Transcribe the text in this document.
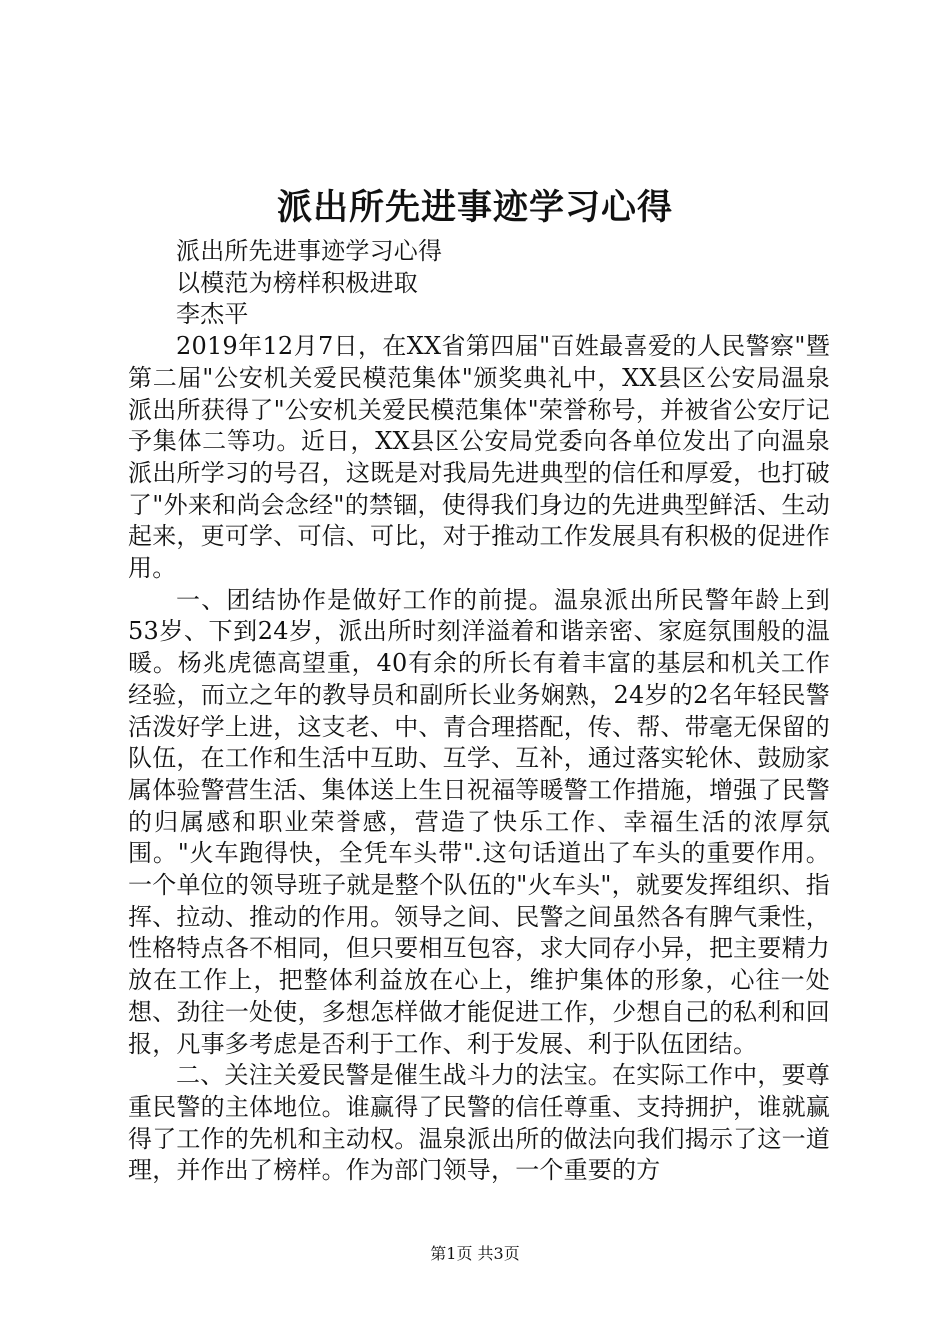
派出所先进事迹学习心得

派出所先进事迹学习心得

以模范为榜样积极进取

李杰平

2019年12月7日，在XX省第四届"百姓最喜爱的人民警察"暨第二届"公安机关爱民模范集体"颁奖典礼中，XX县区公安局温泉派出所获得了"公安机关爱民模范集体"荣誉称号，并被省公安厅记予集体二等功。近日，XX县区公安局党委向各单位发出了向温泉派出所学习的号召，这既是对我局先进典型的信任和厚爱，也打破了"外来和尚会念经"的禁锢，使得我们身边的先进典型鲜活、生动起来，更可学、可信、可比，对于推动工作发展具有积极的促进作用。

一、团结协作是做好工作的前提。温泉派出所民警年龄上到53岁、下到24岁，派出所时刻洋溢着和谐亲密、家庭氛围般的温暖。杨兆虎德高望重，40有余的所长有着丰富的基层和机关工作经验，而立之年的教导员和副所长业务娴熟，24岁的2名年轻民警活泼好学上进，这支老、中、青合理搭配，传、帮、带毫无保留的队伍，在工作和生活中互助、互学、互补，通过落实轮休、鼓励家属体验警营生活、集体送上生日祝福等暖警工作措施，增强了民警的归属感和职业荣誉感，营造了快乐工作、幸福生活的浓厚氛围。"火车跑得快，全凭车头带".这句话道出了车头的重要作用。一个单位的领导班子就是整个队伍的"火车头"，就要发挥组织、指挥、拉动、推动的作用。领导之间、民警之间虽然各有脾气秉性，性格特点各不相同，但只要相互包容，求大同存小异，把主要精力放在工作上，把整体利益放在心上，维护集体的形象，心往一处想、劲往一处使，多想怎样做才能促进工作，少想自己的私利和回报，凡事多考虑是否利于工作、利于发展、利于队伍团结。

二、关注关爱民警是催生战斗力的法宝。在实际工作中，要尊重民警的主体地位。谁赢得了民警的信任尊重、支持拥护，谁就赢得了工作的先机和主动权。温泉派出所的做法向我们揭示了这一道理，并作出了榜样。作为部门领导，一个重要的方

第1页 共3页
